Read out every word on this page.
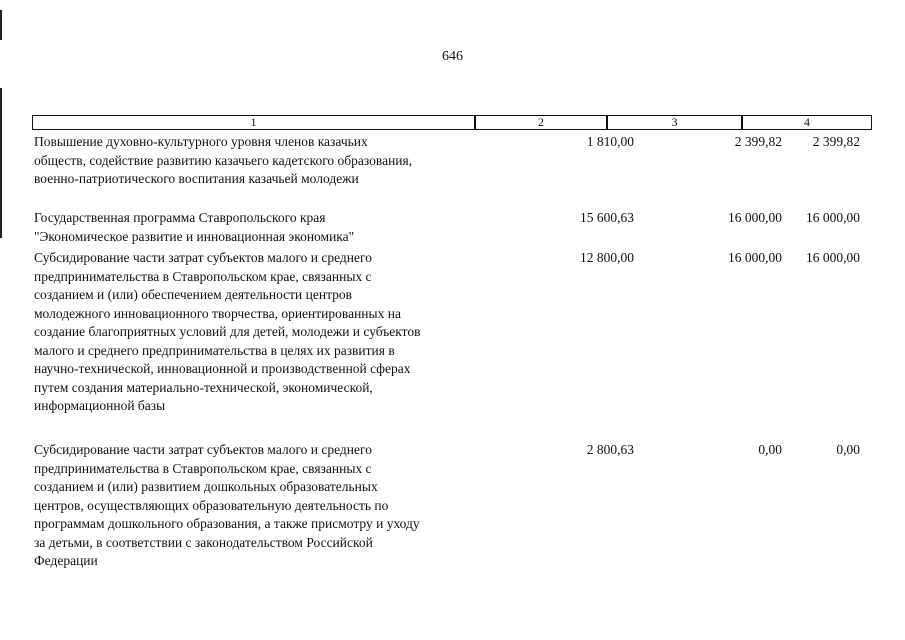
646
1	2	3	4
Повышение духовно-культурного уровня членов казачьих
обществ, содействие развитию казачьего кадетского образования,
военно-патриотического воспитания казачьей молодежи
1 810,00	2 399,82	2 399,82
Государственная программа Ставропольского края
"Экономическое развитие и инновационная экономика"
15 600,63	16 000,00	16 000,00
Субсидирование части затрат субъектов малого и среднего
предпринимательства в Ставропольском крае, связанных с
созданием и (или) обеспечением деятельности центров
молодежного инновационного творчества, ориентированных на
создание благоприятных условий для детей, молодежи и субъектов
малого и среднего предпринимательства в целях их развития в
научно-технической, инновационной и производственной сферах
путем создания материально-технической, экономической,
информационной базы
12 800,00	16 000,00	16 000,00
Субсидирование части затрат субъектов малого и среднего
предпринимательства в Ставропольском крае, связанных с
созданием и (или) развитием дошкольных образовательных
центров, осуществляющих образовательную деятельность по
программам дошкольного образования, а также присмотру и уходу
за детьми, в соответствии с законодательством Российской
Федерации
2 800,63	0,00	0,00
